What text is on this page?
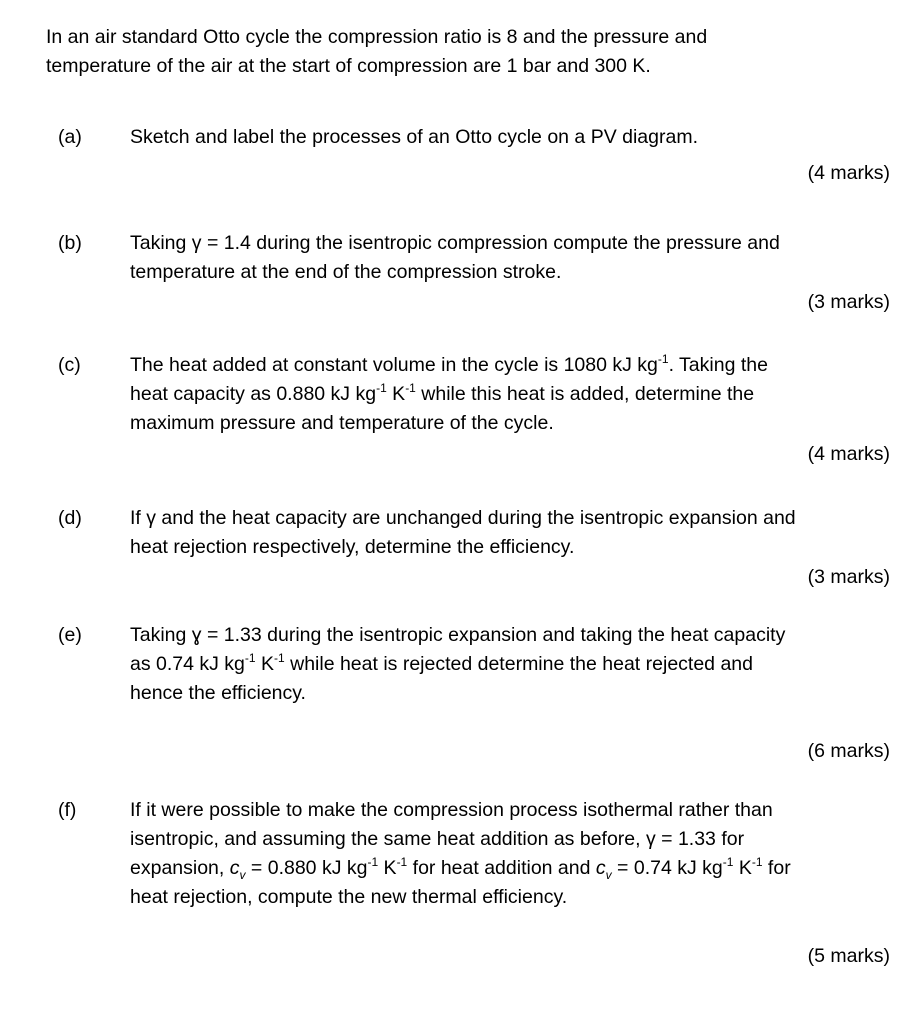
In an air standard Otto cycle the compression ratio is 8 and the pressure and
temperature of the air at the start of compression are 1 bar and 300 K.
(a) Sketch and label the processes of an Otto cycle on a PV diagram.
(4 marks)
(b) Taking γ = 1.4 during the isentropic compression compute the pressure and
temperature at the end of the compression stroke.
(3 marks)
(c)	The heat added at constant volume in the cycle is 1080 kJ $kg^{-1}$. Taking the
heat capacity as 0.880 kJ $kg^{-1}$ $K^{-1}$ while this heat is added, determine the
maximum pressure and temperature of the cycle.
(4 marks)
(d) If γ and the heat capacity are unchanged during the isentropic expansion and
heat rejection respectively, determine the efficiency.
(3 marks)
(e) Taking ɣ = 1.33 during the isentropic expansion and taking the heat capacity
as 0.74 kJ $kg^{-1}$ $K^{-1}$ while heat is rejected determine the heat rejected and
hence the efficiency.
(6 marks)
(f)	If it were possible to make the compression process isothermal rather than
isentropic, and assuming the same heat addition as before, γ = 1.33 for
expansion, $c_v = 0.880$ kJ $kg^{-1}$ $K^{-1}$ for heat addition and $c_v = 0.74$ kJ $kg^{-1}$ $K^{-1}$ for
heat rejection, compute the new thermal efficiency.
(5 marks)
